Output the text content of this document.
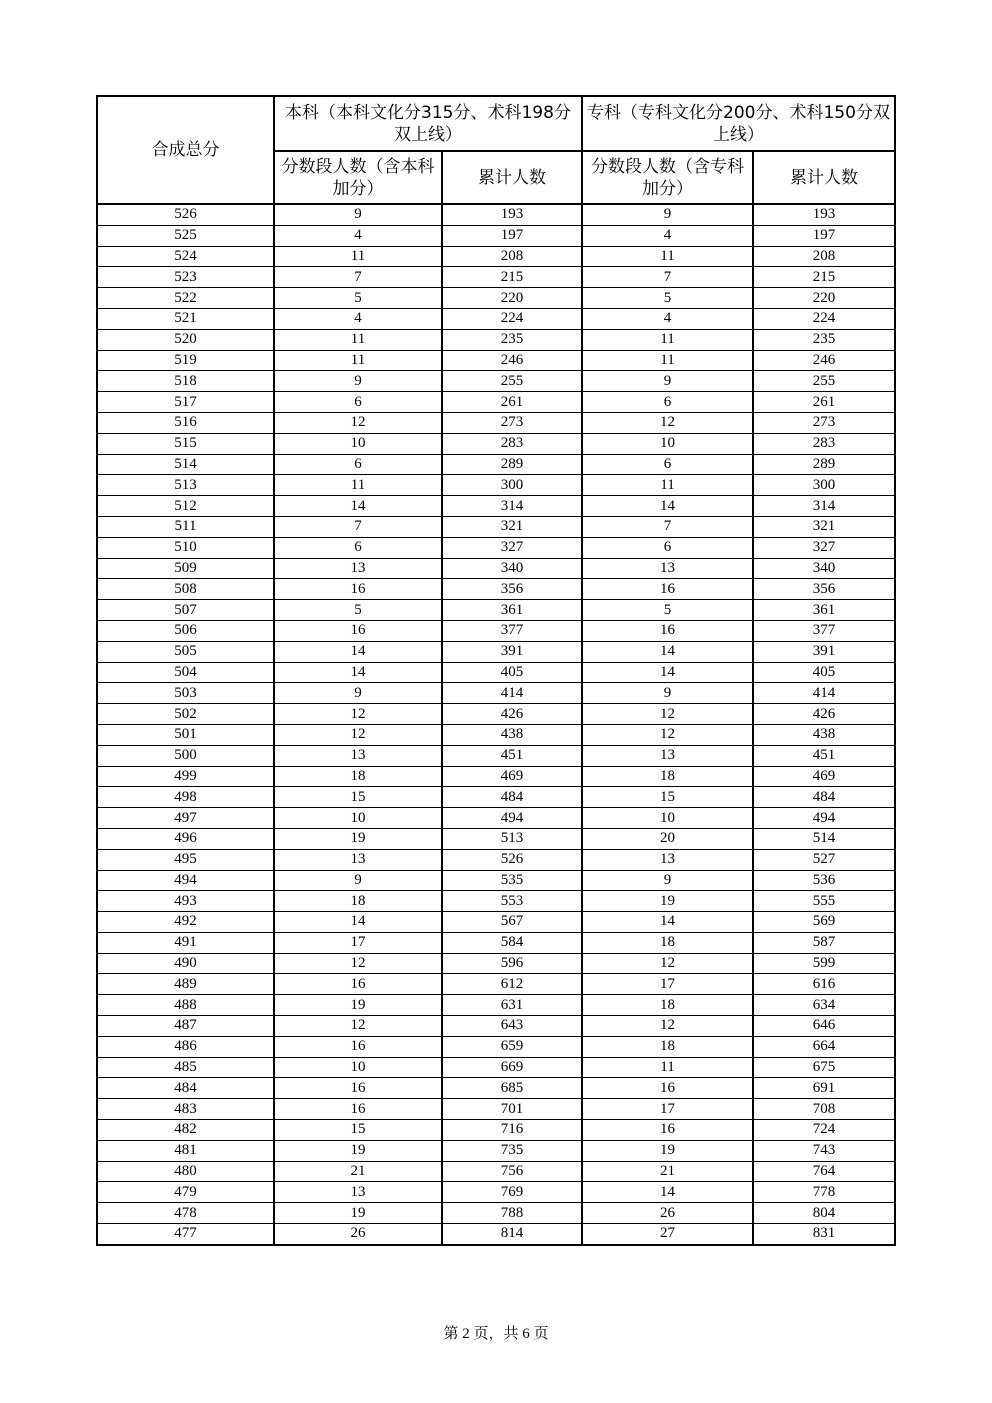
合成总分	本科（本科文化分315分、术科198分双上线）		专科（专科文化分200分、术科150分双上线）	
	分数段人数（含本科加分）	累计人数	分数段人数（含专科加分）	累计人数
526	9	193	9	193
525	4	197	4	197
524	11	208	11	208
523	7	215	7	215
522	5	220	5	220
521	4	224	4	224
520	11	235	11	235
519	11	246	11	246
518	9	255	9	255
517	6	261	6	261
516	12	273	12	273
515	10	283	10	283
514	6	289	6	289
513	11	300	11	300
512	14	314	14	314
511	7	321	7	321
510	6	327	6	327
509	13	340	13	340
508	16	356	16	356
507	5	361	5	361
506	16	377	16	377
505	14	391	14	391
504	14	405	14	405
503	9	414	9	414
502	12	426	12	426
501	12	438	12	438
500	13	451	13	451
499	18	469	18	469
498	15	484	15	484
497	10	494	10	494
496	19	513	20	514
495	13	526	13	527
494	9	535	9	536
493	18	553	19	555
492	14	567	14	569
491	17	584	18	587
490	12	596	12	599
489	16	612	17	616
488	19	631	18	634
487	12	643	12	646
486	16	659	18	664
485	10	669	11	675
484	16	685	16	691
483	16	701	17	708
482	15	716	16	724
481	19	735	19	743
480	21	756	21	764
479	13	769	14	778
478	19	788	26	804
477	26	814	27	831
第 2 页，共 6 页
